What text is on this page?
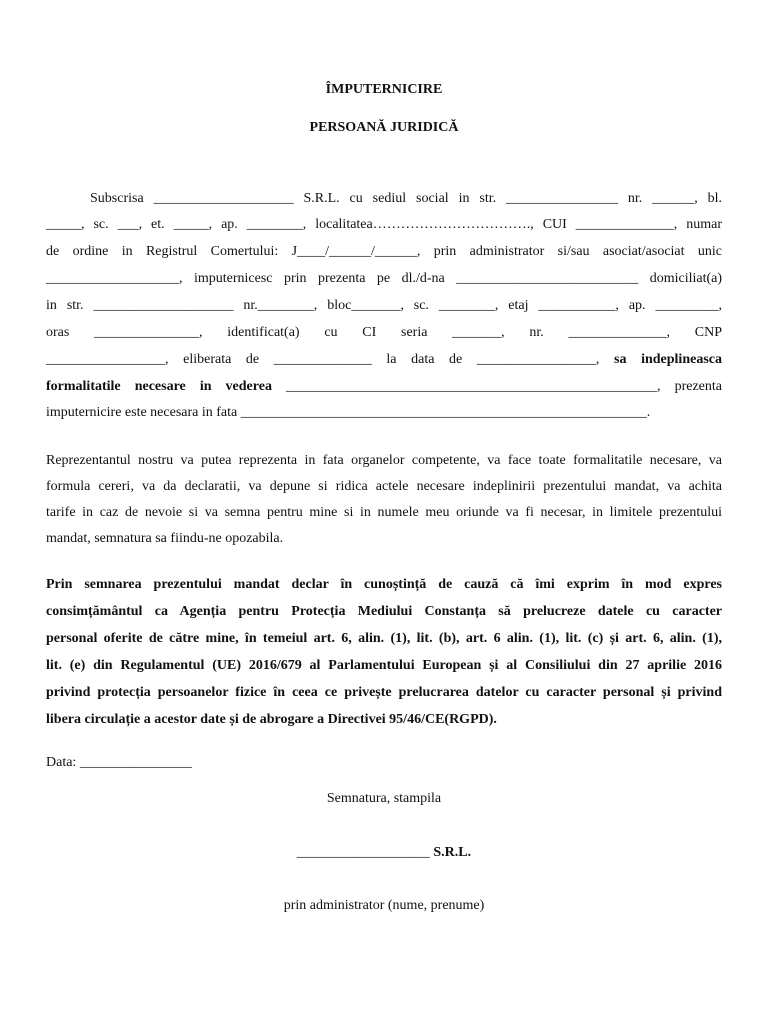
ÎMPUTERNICIRE
PERSOANĂ JURIDICĂ
Subscrisa ____________________ S.R.L. cu sediul social in str. ________________ nr. ______, bl.
_____, sc. ___, et. _____, ap. ________, localitatea……………………………., CUI ______________, numar
de ordine in Registrul Comertului: J____/______/______, prin administrator si/sau asociat/asociat unic
___________________, imputernicesc prin prezenta pe dl./d-na __________________________ domiciliat(a)
in str. ____________________ nr.________, bloc_______, sc. ________, etaj ___________, ap. _________,
oras _______________, identificat(a) cu CI seria _______, nr. ______________, CNP
_________________, eliberata de ______________ la data de _________________, sa indeplineasca
formalitatile necesare in vederea _____________________________________________________, prezenta
imputernicire este necesara in fata __________________________________________________________.
Reprezentantul nostru va putea reprezenta in fata organelor competente, va face toate formalitatile necesare, va
formula cereri, va da declaratii, va depune si ridica actele necesare indeplinirii prezentului mandat, va achita
tarife in caz de nevoie si va semna pentru mine si in numele meu oriunde va fi necesar, in limitele prezentului
mandat, semnatura sa fiindu-ne opozabila.
Prin semnarea prezentului mandat declar în cunoștință de cauză că îmi exprim în mod expres
consimțământul ca Agenția pentru Protecția Mediului Constanța să prelucreze datele cu caracter
personal oferite de către mine, în temeiul art. 6, alin. (1), lit. (b), art. 6 alin. (1), lit. (c) și art. 6, alin. (1),
lit. (e) din Regulamentul (UE) 2016/679 al Parlamentului European și al Consiliului din 27 aprilie 2016
privind protecția persoanelor fizice în ceea ce privește prelucrarea datelor cu caracter personal și privind
libera circulație a acestor date și de abrogare a Directivei 95/46/CE(RGPD).
Data: ________________
Semnatura, stampila
___________________ S.R.L.
prin administrator (nume, prenume)
